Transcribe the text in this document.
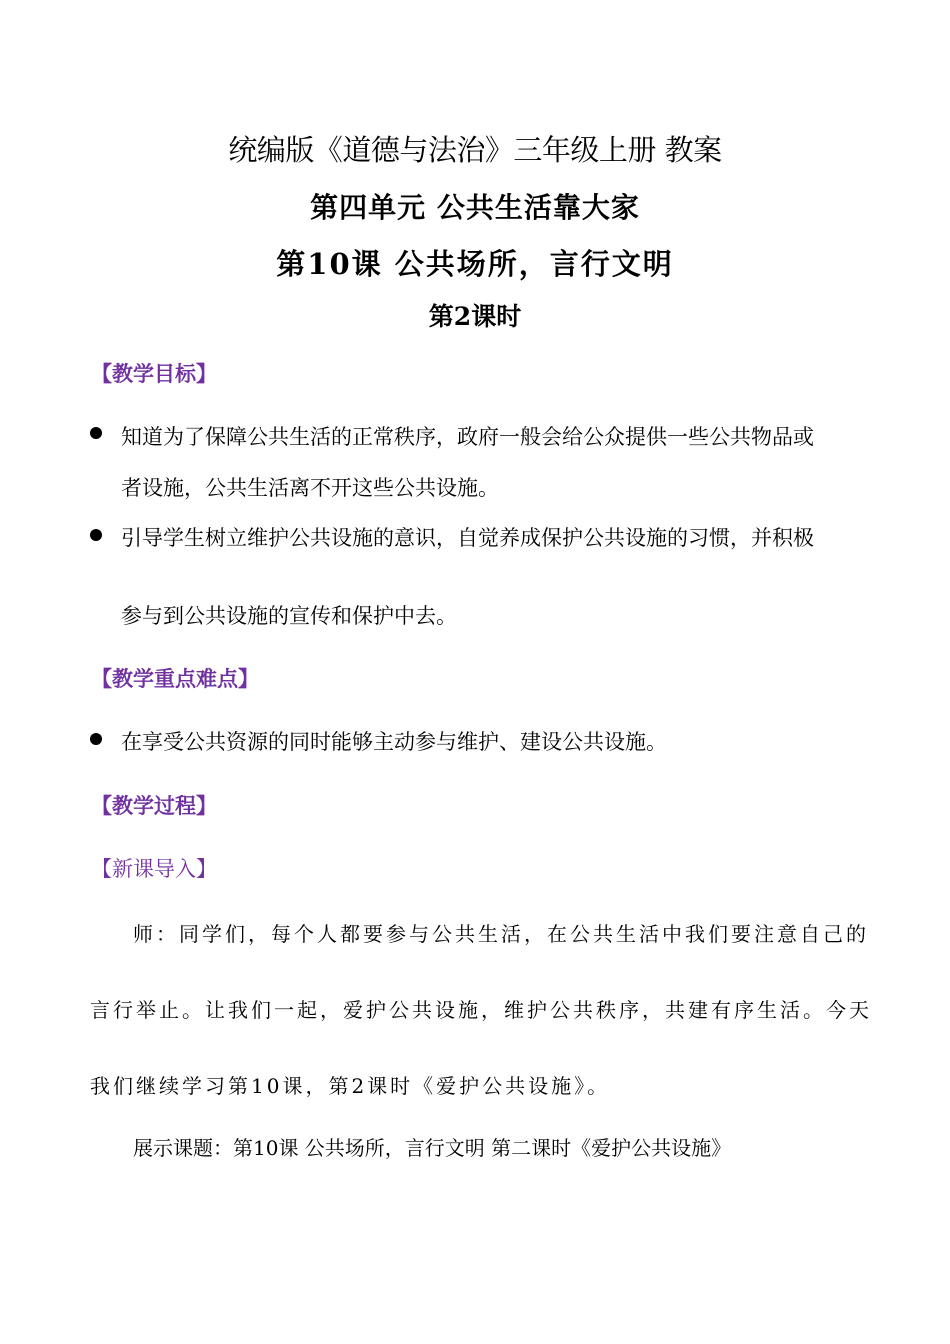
统编版《道德与法治》三年级上册 教案
第四单元 公共生活靠大家
第10课 公共场所，言行文明
第2课时
【教学目标】
知道为了保障公共生活的正常秩序，政府一般会给公众提供一些公共物品或
者设施，公共生活离不开这些公共设施。
引导学生树立维护公共设施的意识，自觉养成保护公共设施的习惯，并积极
参与到公共设施的宣传和保护中去。
【教学重点难点】
在享受公共资源的同时能够主动参与维护、建设公共设施。
【教学过程】
【新课导入】
师：同学们，每个人都要参与公共生活，在公共生活中我们要注意自己的
言行举止。让我们一起，爱护公共设施，维护公共秩序，共建有序生活。今天
我们继续学习第10课，第2课时《爱护公共设施》。
展示课题：第10课 公共场所，言行文明 第二课时《爱护公共设施》
